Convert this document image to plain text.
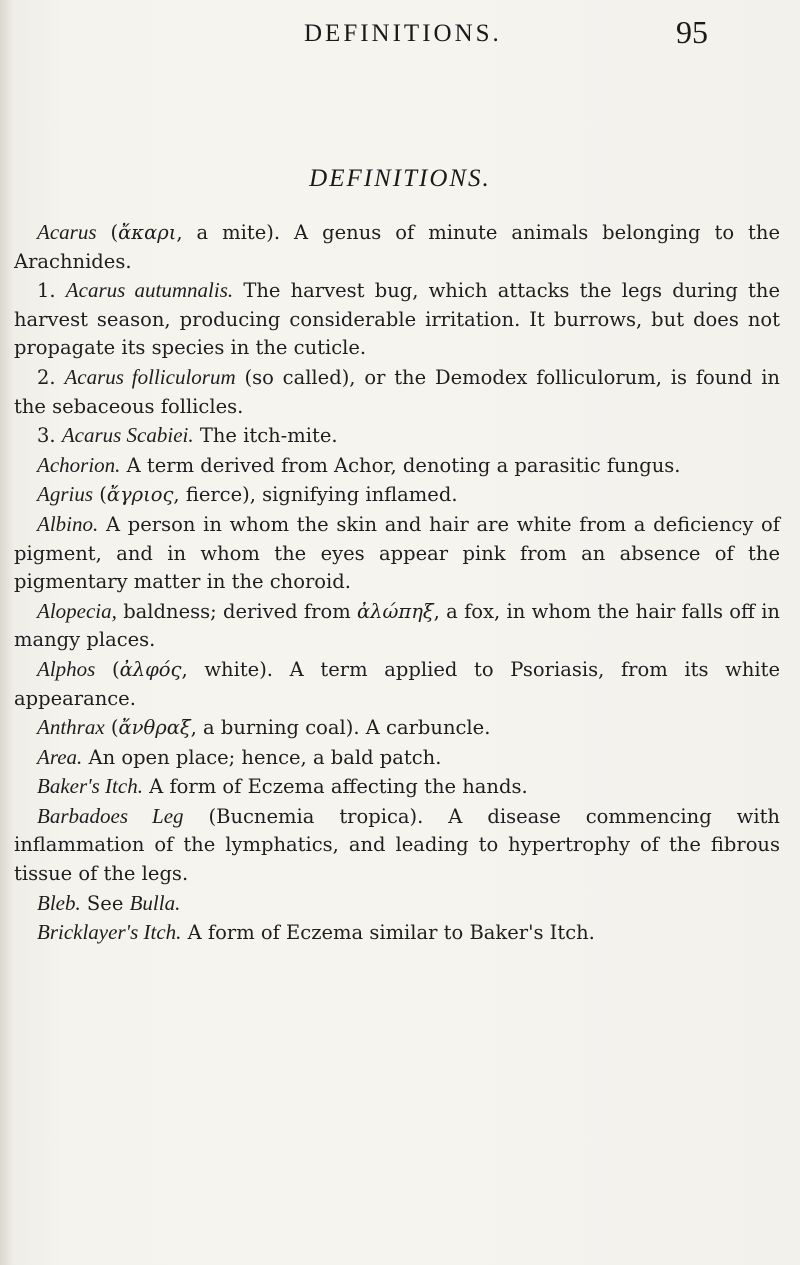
DEFINITIONS.	95
DEFINITIONS.

Acarus (ἄκαρι, a mite). A genus of minute animals belonging to the Arachnides.

1. Acarus autumnalis. The harvest bug, which attacks the legs during the harvest season, producing considerable irritation. It burrows, but does not propagate its species in the cuticle.

2. Acarus folliculorum (so called), or the Demodex folliculorum, is found in the sebaceous follicles.

3. Acarus Scabiei. The itch-mite.

Achorion. A term derived from Achor, denoting a parasitic fungus.

Agrius (ἄγριος, fierce), signifying inflamed.

Albino. A person in whom the skin and hair are white from a deficiency of pigment, and in whom the eyes appear pink from an absence of the pigmentary matter in the choroid.

Alopecia, baldness; derived from ἀλώπηξ, a fox, in whom the hair falls off in mangy places.

Alphos (ἀλφός, white). A term applied to Psoriasis, from its white appearance.

Anthrax (ἄνθραξ, a burning coal). A carbuncle.

Area. An open place; hence, a bald patch.

Baker's Itch. A form of Eczema affecting the hands.

Barbadoes Leg (Bucnemia tropica). A disease commencing with inflammation of the lymphatics, and leading to hypertrophy of the fibrous tissue of the legs.

Bleb. See Bulla.

Bricklayer's Itch. A form of Eczema similar to Baker's Itch.
